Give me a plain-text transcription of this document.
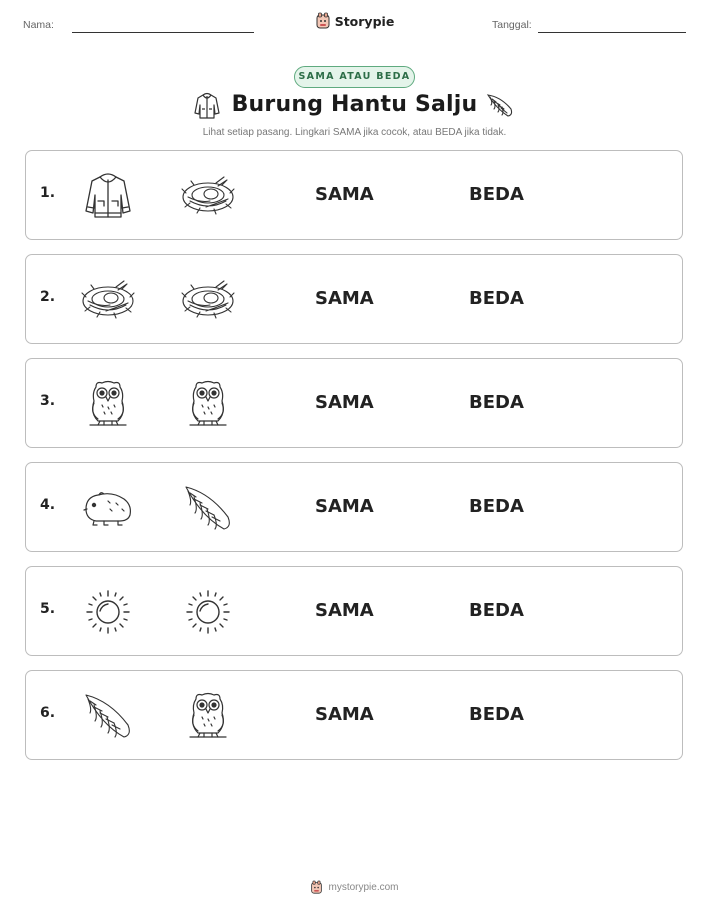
Nama:	Storypie	Tanggal:
SAMA ATAU BEDA
Burung Hantu Salju
Lihat setiap pasang. Lingkari SAMA jika cocok, atau BEDA jika tidak.
1.	SAMA	BEDA
2.	SAMA	BEDA
3.	SAMA	BEDA
4.	SAMA	BEDA
5.	SAMA	BEDA
6.	SAMA	BEDA
mystorypie.com
